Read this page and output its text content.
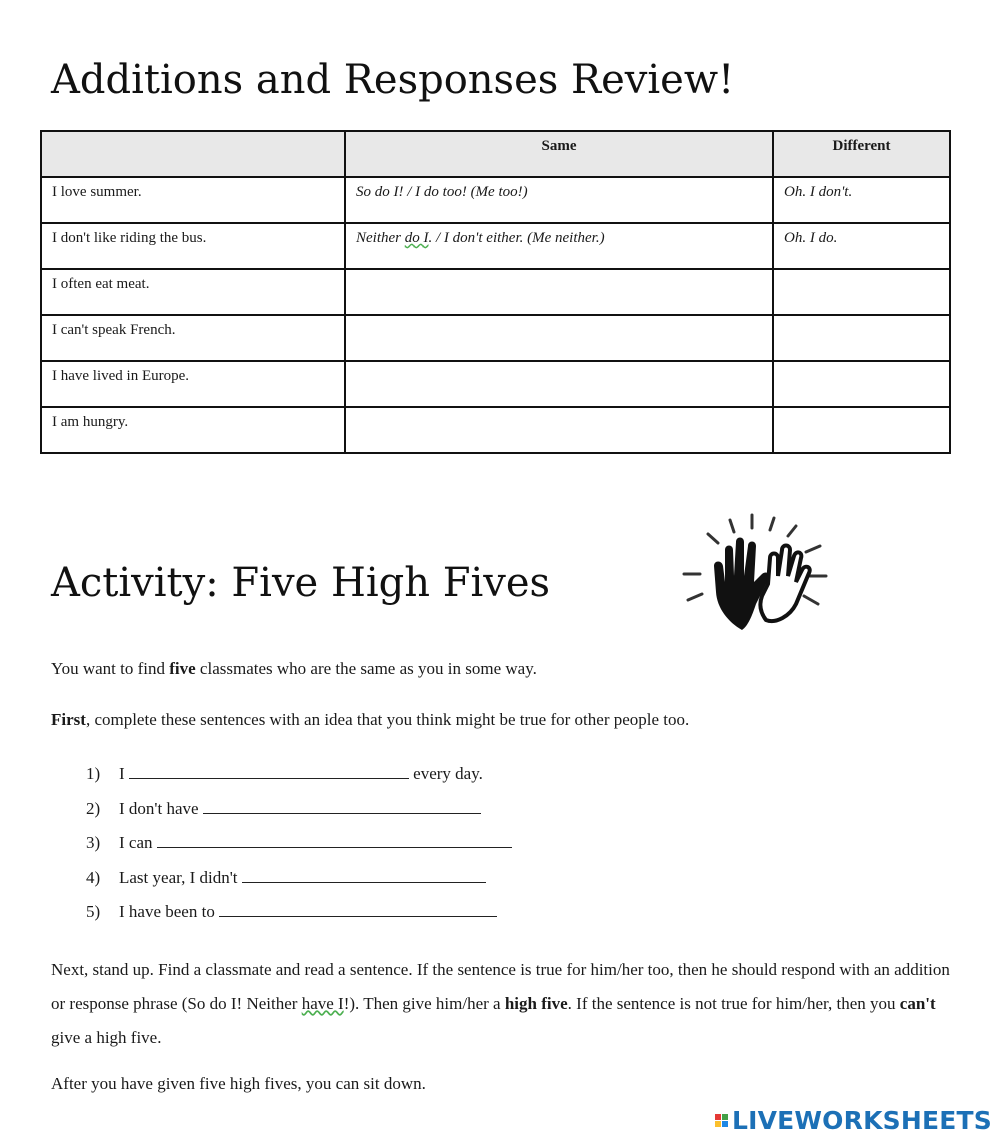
Additions and Responses Review!
	Same	Different
I love summer.	So do I! / I do too! (Me too!)	Oh. I don't.
I don't like riding the bus.	Neither do I. / I don't either. (Me neither.)	Oh. I do.
I often eat meat.		
I can't speak French.		
I have lived in Europe.		
I am hungry.		
Activity: Five High Fives

You want to find five classmates who are the same as you in some way.

First, complete these sentences with an idea that you think might be true for other people too.

1) I	every day.
2) I don't have
3) I can
4) Last year, I didn't
5) I have been to

Next, stand up. Find a classmate and read a sentence. If the sentence is true for him/her too, then he should respond with an addition or response phrase (So do I! Neither have I!). Then give him/her a high five. If the sentence is not true for him/her, then you can't give a high five.

After you have given five high fives, you can sit down.

LIVEWORKSHEETS
